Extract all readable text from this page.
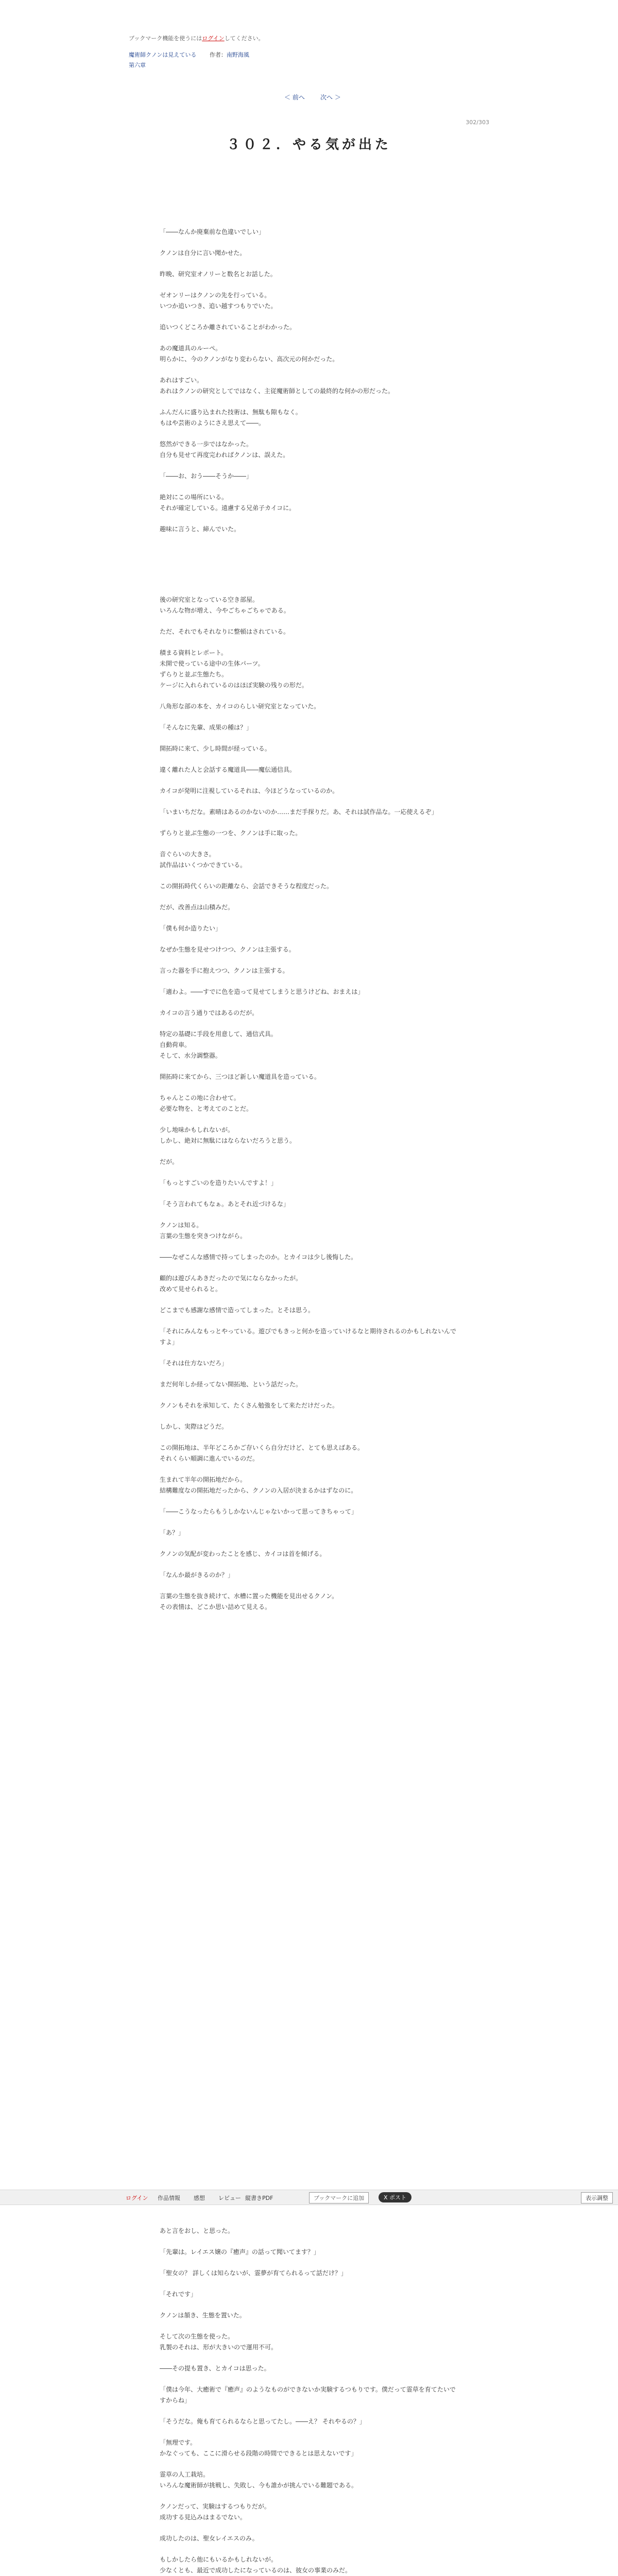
ブックマーク機能を使うにはログインしてください。
魔術師クノンは見えている 作者：南野海風
第六章
＜ 前へ	次へ ＞
302/303
３０２．やる気が出た

「――なんか廃棄前な色違いでしい」

クノンは自分に言い聞かせた。

昨晩、研究室オノリーと数名とお話した。

ゼオンリーはクノンの先を行っている。
いつか追いつき、追い越すつもりでいた。

追いつくどころか離されていることがわかった。

あの魔道具のルーペ。
明らかに、今のクノンがなり変わらない、高次元の何かだった。

あれはすごい。
あれはクノンの研究としてではなく、主従魔術師としての最終的な何かの形だった。

ふんだんに盛り込まれた技術は、無駄も隙もなく。
もはや芸術のようにさえ思えて――。

悠然ができる一歩ではなかった。
自分も見せて再度完わればクノンは、誤えた。

「――お、おう――そうか――」

絶対にこの場所にいる。
それが確定している。遠慮する兄弟子カイコに。

趣味に言うと、締んでいた。

後の研究室となっている空き部屋。
いろんな物が増え、今やごちゃごちゃである。

ただ、それでもそれなりに整頓はされている。

積まる資料とレポート。
未開で使っている途中の生体パーツ。
ずらりと並ぶ生態たち。
ケージに入れられているのはほぼ実験の残りの形だ。

八角形な部の本を、カイコのらしい研究室となっていた。

「そんなに先輩、成果の種は？」

開拓時に来て、少し時間が経っている。

違く離れた人と会話する魔道具――魔伝通信具。

カイコが発明に注視しているそれは、今ほどうなっているのか。

「いまいちだな。素晴はあるのかないのか……まだ手探りだ。あ、それは試作品な。一応使えるぞ」

ずらりと並ぶ生態の一つを、クノンは手に取った。

音ぐらいの大きさ。
試作品はいくつかできている。

この開拓時代くらいの距離なら、会話できそうな程度だった。

だが、改善点は山積みだ。

「僕も何か造りたい」

なぜか生態を見せつけつつ、クノンは主張する。

言った器を手に抱えつつ、クノンは主張する。

「適わよ。――すでに色を造って見せてしまうと思うけどね、おまえは」

カイコの言う通りではあるのだが。

特定の基礎に手段を用意して、通信式具。
自動荷車。
そして、水分調整器。

開拓時に来てから、三つほど新しい魔道具を造っている。

ちゃんとこの地に合わせて。
必要な物を、と考えてのことだ。

少し地味かもしれないが。
しかし、絶対に無駄にはならないだろうと思う。

だが。

「もっとすごいのを造りたいんですよ！」

「そう言われてもなぁ。あとそれ近づけるな」

クノンは知る。
言葉の生態を突きつけながら。

――なぜこんな感情で持ってしまったのか。とカイコは少し後悔した。

顧的は遊びんあきだったので気にならなかったが。
改めて見せられると。

どこまでも感謝な感情で造ってしまった。とそは思う。

「それにみんなもっとやっている。遊びでもきっと何かを造っていけるなと期待されるのかもしれないんですよ」

「それは仕方ないだろ」

まだ何年しか経ってない開拓地、という話だった。

クノンもそれを承知して、たくさん勉強をして来ただけだった。

しかし、実際はどうだ。

この開拓地は、半年どころかご存いくら自分だけど、とても思えばある。
それくらい順調に進んでいるのだ。

生まれて半年の開拓地だから。
結構難度なの開拓地だったから、クノンの入居が決まるかはずなのに。

「――こうなったらもうしかないんじゃないかって思ってきちゃって」

「あ？」

クノンの気配が変わったことを感じ、カイコは首を傾げる。

「なんか最がきるのか？」

言葉の生態を抜き続けて、水槽に置った機能を見出せるクノン。
その表情は、どこか思い詰めて見える。

ログイン 作品情報 感想 レビュー 縦書きPDF	ブックマークに追加	X ポスト	表示調整

あと言をおし、と思った。

「先輩は。レイエス嬢の『癒声』の話って聞いてます？」

「聖女の？ 詳しくは知らないが、霊夢が育てられるって話だけ？」

「それです」

クノンは頷き、生態を置いた。

そして次の生態を使った。
乳製のそれは、形が大きいので運用不可。

――その提も置き、とカイコは思った。

「僕は今年、大癒術で『癒声』のようなものができないか実験するつもりです。僕だって霊草を育てたいですからね」

「そうだな。俺も育てられるならと思ってたし。――え？ それやるの？」

「無理です。
かなぐっても、ここに滑らせる段階の時間でできるとは思えないです」

霊草の人工栽培。
いろんな魔術師が挑戦し、失敗し、今も誰かが挑んでいる難題である。

クノンだって、実験はするつもりだが。
成功する見込みはまるでない。

成功したのは、聖女レイエスのみ。

もしかしたら他にもいるかもしれないが。
少なくとも、最近で成功したになっているのは、彼女の事業のみだ。
